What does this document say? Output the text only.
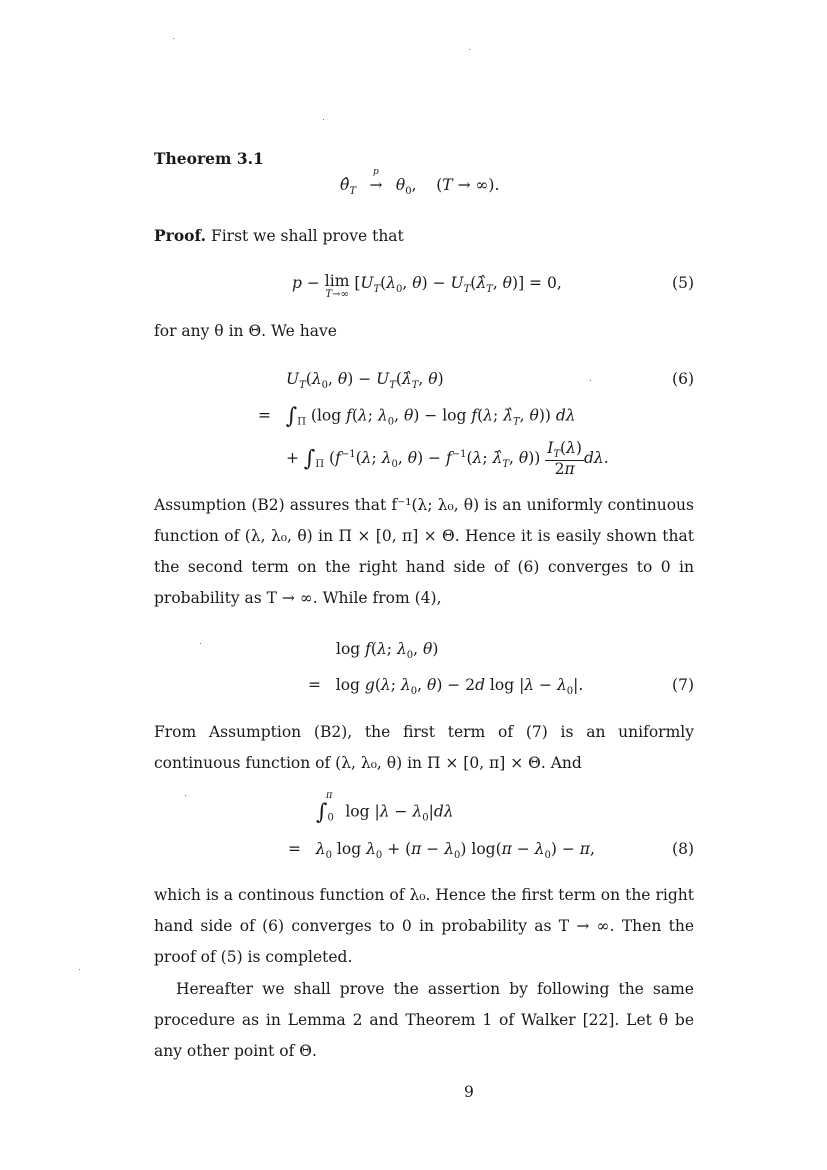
Theorem 3.1
$\thetâ_T$
p
→ $\theta_0$,    (T → ∞).
Proof. First we shall prove that
p − lim
T→∞
[$U_T(\lambda_0$, $\theta) - U_T(\lambdâ_T$, θ)] = 0,	(5)
for any θ in Θ. We have
$U_T(\lambda_0$, $\theta) - U_T(\lambdâ_T$, θ)	(6)
=   $\int_\Pi$ (log f(λ; $\lambda_0$, θ) − log f(λ; $\lambdâ_T$, θ)) dλ
+ $\int_\Pi$ ($f^{-1}(\lambda$; $\lambda_0$, $\theta) - f^{-1}(\lambda$; $\lambdâ_T$, $\theta)) \frac{I_T(\lambda)}{2\pi} d\lambda$.
Assumption (B2) assures that f⁻¹(λ; λ₀, θ) is an uniformly continuous function of (λ, λ₀, θ) in Π × [0, π] × Θ. Hence it is easily shown that the second term on the right hand side of (6) converges to 0 in probability as T → ∞. While from (4),
log f(λ; $\lambda_0$, θ)
=   log g(λ; $\lambda_0$, θ) − 2d $\log |\lambda - \lambda_0|$.	(7)
From Assumption (B2), the first term of (7) is an uniformly continuous function of (λ, λ₀, θ) in Π × [0, π] × Θ. And
$\int_0^\pi$ $\log |\lambda - \lambda_0|d\lambda$
=   $\lambda_0$ $\log \lambda_0 + (\pi - \lambda_0) \log(\pi - \lambda_0) - \pi$,	(8)
which is a continous function of λ₀. Hence the first term on the right hand side of (6) converges to 0 in probability as T → ∞. Then the proof of (5) is completed.
Hereafter we shall prove the assertion by following the same procedure as in Lemma 2 and Theorem 1 of Walker [22]. Let θ be any other point of Θ.
9
